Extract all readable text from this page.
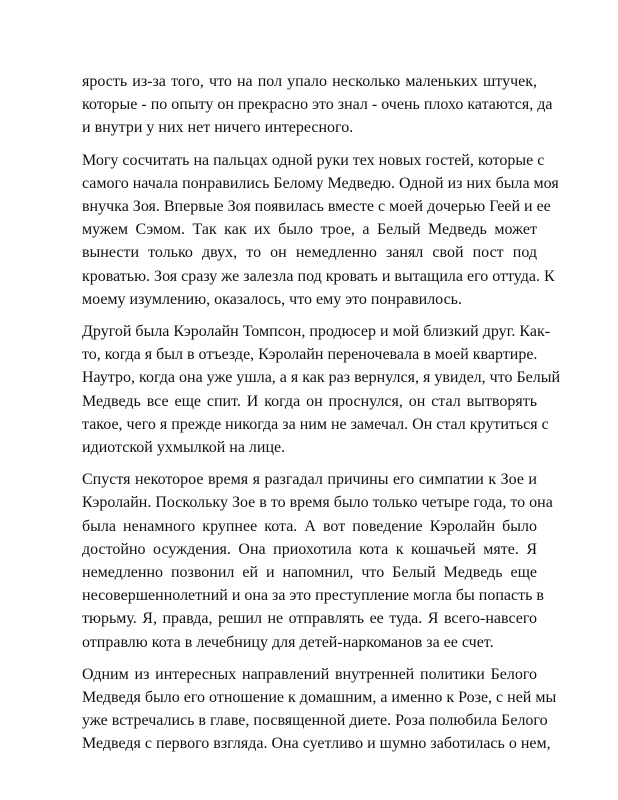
ярость из-за того, что на пол упало несколько маленьких штучек,
которые - по опыту он прекрасно это знал - очень плохо катаются, да
и внутри у них нет ничего интересного.
Могу сосчитать на пальцах одной руки тех новых гостей, которые с
самого начала понравились Белому Медведю. Одной из них была моя
внучка Зоя. Впервые Зоя появилась вместе с моей дочерью Геей и ее
мужем Сэмом. Так как их было трое, а Белый Медведь может
вынести только двух, то он немедленно занял свой пост под
кроватью. Зоя сразу же залезла под кровать и вытащила его оттуда. К
моему изумлению, оказалось, что ему это понравилось.
Другой была Кэролайн Томпсон, продюсер и мой близкий друг. Как-
то, когда я был в отъезде, Кэролайн переночевала в моей квартире.
Наутро, когда она уже ушла, а я как раз вернулся, я увидел, что Белый
Медведь все еще спит. И когда он проснулся, он стал вытворять
такое, чего я прежде никогда за ним не замечал. Он стал крутиться с
идиотской ухмылкой на лице.
Спустя некоторое время я разгадал причины его симпатии к Зое и
Кэролайн. Поскольку Зое в то время было только четыре года, то она
была ненамного крупнее кота. А вот поведение Кэролайн было
достойно осуждения. Она приохотила кота к кошачьей мяте. Я
немедленно позвонил ей и напомнил, что Белый Медведь еще
несовершеннолетний и она за это преступление могла бы попасть в
тюрьму. Я, правда, решил не отправлять ее туда. Я всего-навсего
отправлю кота в лечебницу для детей-наркоманов за ее счет.
Одним из интересных направлений внутренней политики Белого
Медведя было его отношение к домашним, а именно к Розе, с ней мы
уже встречались в главе, посвященной диете. Роза полюбила Белого
Медведя с первого взгляда. Она суетливо и шумно заботилась о нем,
